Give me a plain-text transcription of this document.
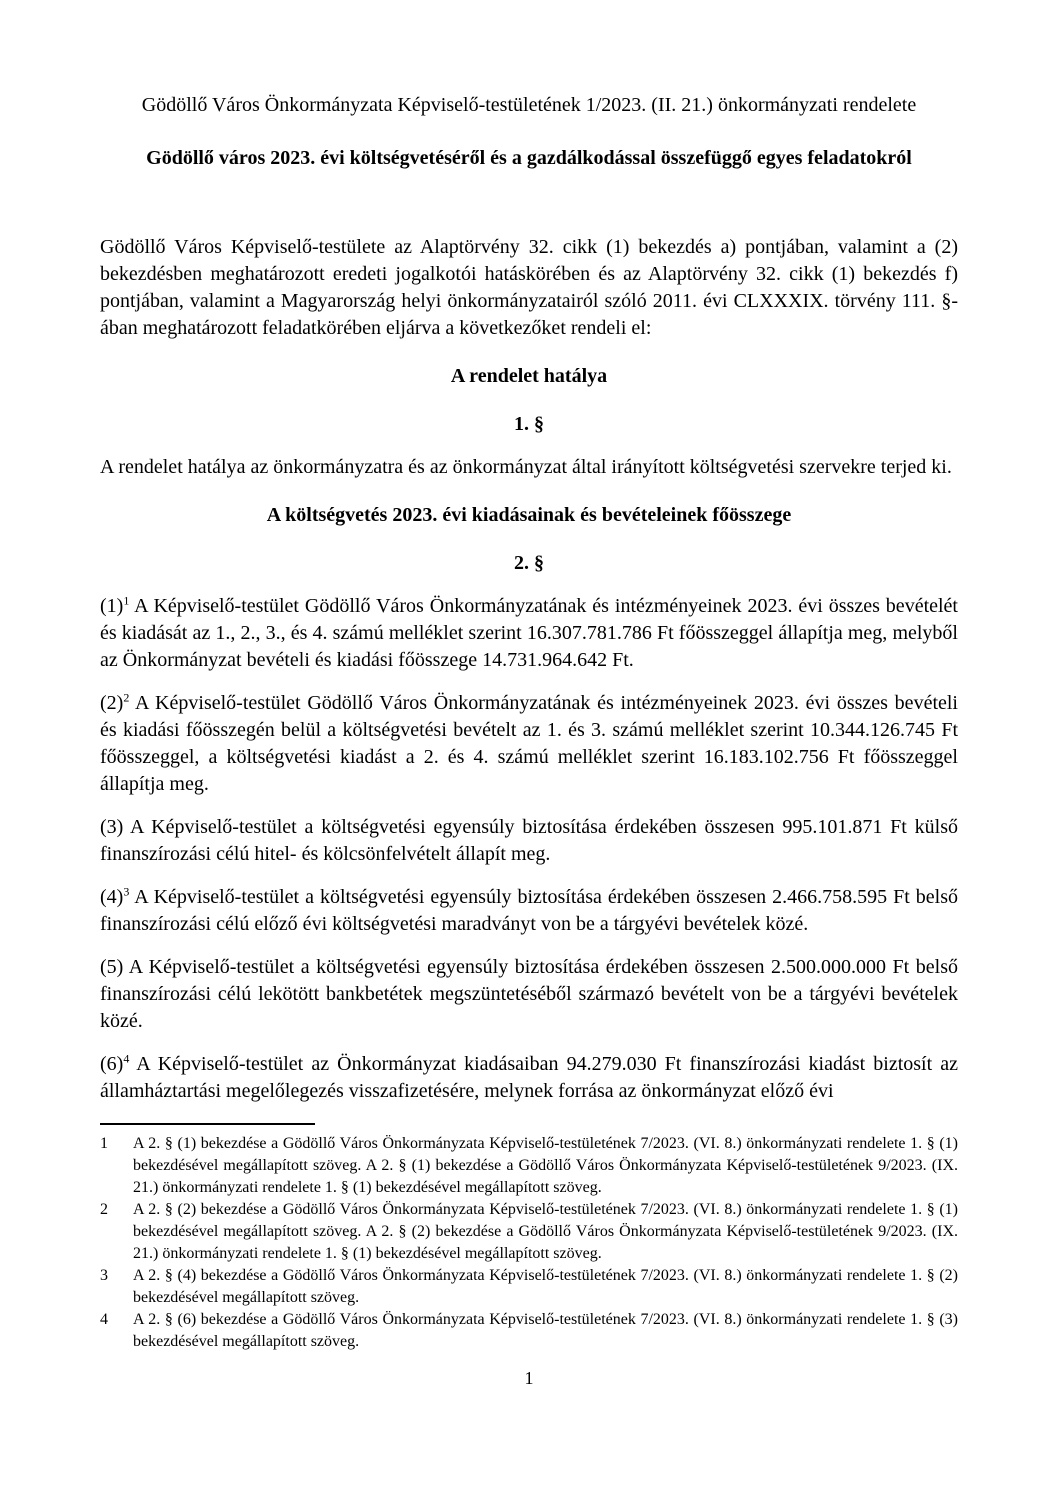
Gödöllő Város Önkormányzata Képviselő-testületének 1/2023. (II. 21.) önkormányzati rendelete
Gödöllő város 2023. évi költségvetéséről és a gazdálkodással összefüggő egyes feladatokról

Gödöllő Város Képviselő-testülete az Alaptörvény 32. cikk (1) bekezdés a) pontjában, valamint a (2) bekezdésben meghatározott eredeti jogalkotói hatáskörében és az Alaptörvény 32. cikk (1) bekezdés f) pontjában, valamint a Magyarország helyi önkormányzatairól szóló 2011. évi CLXXXIX. törvény 111. §-ában meghatározott feladatkörében eljárva a következőket rendeli el:

A rendelet hatálya
1. §

A rendelet hatálya az önkormányzatra és az önkormányzat által irányított költségvetési szervekre terjed ki.

A költségvetés 2023. évi kiadásainak és bevételeinek főösszege
2. §

(1)$^1$ A Képviselő-testület Gödöllő Város Önkormányzatának és intézményeinek 2023. évi összes bevételét és kiadását az 1., 2., 3., és 4. számú melléklet szerint 16.307.781.786 Ft főösszeggel állapítja meg, melyből az Önkormányzat bevételi és kiadási főösszege 14.731.964.642 Ft.

(2)$^2$ A Képviselő-testület Gödöllő Város Önkormányzatának és intézményeinek 2023. évi összes bevételi és kiadási főösszegén belül a költségvetési bevételt az 1. és 3. számú melléklet szerint 10.344.126.745 Ft főösszeggel, a költségvetési kiadást a 2. és 4. számú melléklet szerint 16.183.102.756 Ft főösszeggel állapítja meg.

(3) A Képviselő-testület a költségvetési egyensúly biztosítása érdekében összesen 995.101.871 Ft külső finanszírozási célú hitel- és kölcsönfelvételt állapít meg.

(4)$^3$ A Képviselő-testület a költségvetési egyensúly biztosítása érdekében összesen 2.466.758.595 Ft belső finanszírozási célú előző évi költségvetési maradványt von be a tárgyévi bevételek közé.

(5) A Képviselő-testület a költségvetési egyensúly biztosítása érdekében összesen 2.500.000.000 Ft belső finanszírozási célú lekötött bankbetétek megszüntetéséből származó bevételt von be a tárgyévi bevételek közé.

(6)$^4$ A Képviselő-testület az Önkormányzat kiadásaiban 94.279.030 Ft finanszírozási kiadást biztosít az államháztartási megelőlegezés visszafizetésére, melynek forrása az önkormányzat előző évi

1	A 2. § (1) bekezdése a Gödöllő Város Önkormányzata Képviselő-testületének 7/2023. (VI. 8.) önkormányzati rendelete 1. § (1) bekezdésével megállapított szöveg. A 2. § (1) bekezdése a Gödöllő Város Önkormányzata Képviselő-testületének 9/2023. (IX. 21.) önkormányzati rendelete 1. § (1) bekezdésével megállapított szöveg.
2	A 2. § (2) bekezdése a Gödöllő Város Önkormányzata Képviselő-testületének 7/2023. (VI. 8.) önkormányzati rendelete 1. § (1) bekezdésével megállapított szöveg. A 2. § (2) bekezdése a Gödöllő Város Önkormányzata Képviselő-testületének 9/2023. (IX. 21.) önkormányzati rendelete 1. § (1) bekezdésével megállapított szöveg.
3	A 2. § (4) bekezdése a Gödöllő Város Önkormányzata Képviselő-testületének 7/2023. (VI. 8.) önkormányzati rendelete 1. § (2) bekezdésével megállapított szöveg.
4	A 2. § (6) bekezdése a Gödöllő Város Önkormányzata Képviselő-testületének 7/2023. (VI. 8.) önkormányzati rendelete 1. § (3) bekezdésével megállapított szöveg.
1
